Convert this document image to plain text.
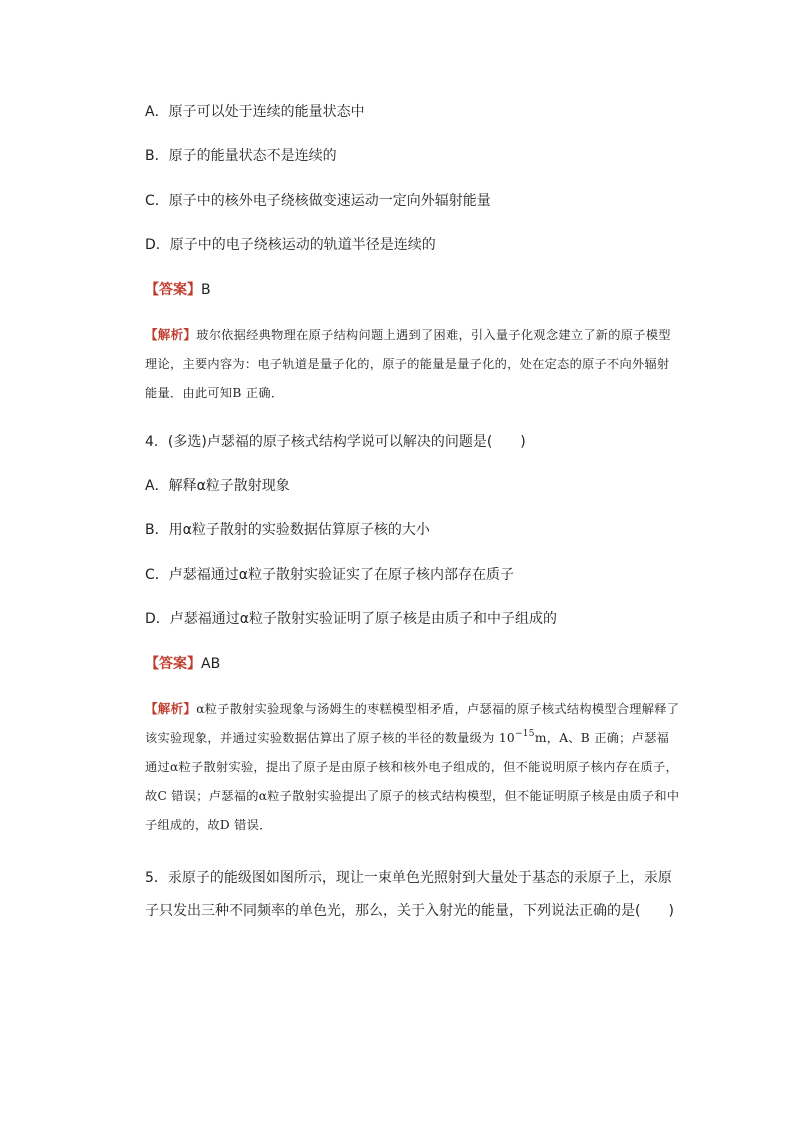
A．原子可以处于连续的能量状态中
B．原子的能量状态不是连续的
C．原子中的核外电子绕核做变速运动一定向外辐射能量
D．原子中的电子绕核运动的轨道半径是连续的
【答案】B
【解析】玻尔依据经典物理在原子结构问题上遇到了困难，引入量子化观念建立了新的原子模型理论，主要内容为：电子轨道是量子化的，原子的能量是量子化的，处在定态的原子不向外辐射能量．由此可知B 正确．
4．(多选)卢瑟福的原子核式结构学说可以解决的问题是(　　)
A．解释α粒子散射现象
B．用α粒子散射的实验数据估算原子核的大小
C．卢瑟福通过α粒子散射实验证实了在原子核内部存在质子
D．卢瑟福通过α粒子散射实验证明了原子核是由质子和中子组成的
【答案】AB
【解析】α粒子散射实验现象与汤姆生的枣糕模型相矛盾，卢瑟福的原子核式结构模型合理解释了该实验现象，并通过实验数据估算出了原子核的半径的数量级为 $10^{-15}m$，A、B 正确；卢瑟福通过α粒子散射实验，提出了原子是由原子核和核外电子组成的，但不能说明原子核内存在质子，故C 错误；卢瑟福的α粒子散射实验提出了原子的核式结构模型，但不能证明原子核是由质子和中子组成的，故D 错误．
5．汞原子的能级图如图所示，现让一束单色光照射到大量处于基态的汞原子上，汞原子只发出三种不同频率的单色光，那么，关于入射光的能量，下列说法正确的是(　　)
